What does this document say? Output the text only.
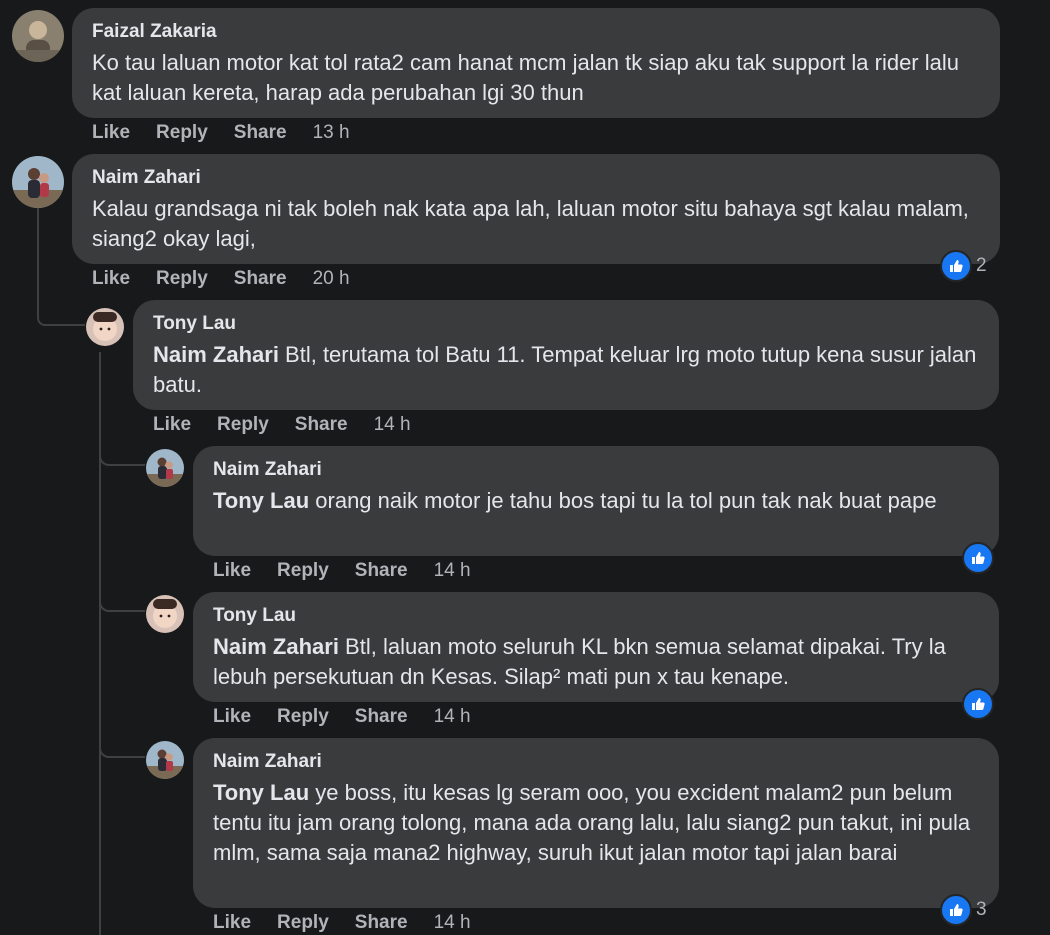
Faizal Zakaria
Ko tau laluan motor kat tol rata2 cam hanat mcm jalan tk siap aku tak support la rider lalu kat laluan kereta, harap ada perubahan lgi 30 thun
Like Reply Share 13 h
Naim Zahari
Kalau grandsaga ni tak boleh nak kata apa lah, laluan motor situ bahaya sgt kalau malam, siang2 okay lagi,
2
Like Reply Share 20 h
Tony Lau
Naim Zahari Btl, terutama tol Batu 11. Tempat keluar lrg moto tutup kena susur jalan batu.
Like Reply Share 14 h
Naim Zahari
Tony Lau orang naik motor je tahu bos tapi tu la tol pun tak nak buat pape
Like Reply Share 14 h
Tony Lau
Naim Zahari Btl, laluan moto seluruh KL bkn semua selamat dipakai. Try la lebuh persekutuan dn Kesas. Silap² mati pun x tau kenape.
Like Reply Share 14 h
Naim Zahari
Tony Lau ye boss, itu kesas lg seram ooo, you excident malam2 pun belum tentu itu jam orang tolong, mana ada orang lalu, lalu siang2 pun takut, ini pula mlm, sama saja mana2 highway, suruh ikut jalan motor tapi jalan barai
3
Like Reply Share 14 h
